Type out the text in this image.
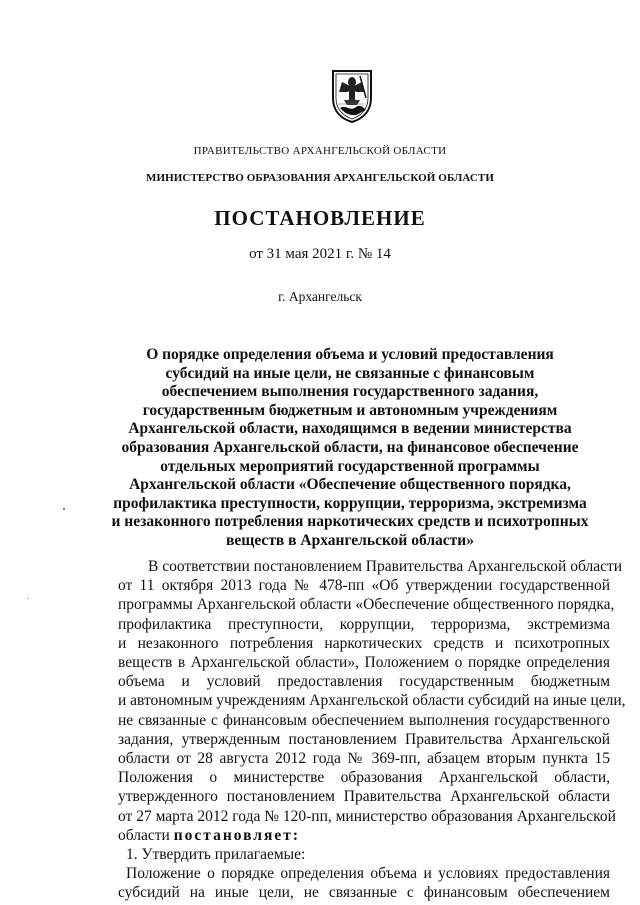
ПРАВИТЕЛЬСТВО АРХАНГЕЛЬСКОЙ ОБЛАСТИ
МИНИСТЕРСТВО ОБРАЗОВАНИЯ АРХАНГЕЛЬСКОЙ ОБЛАСТИ
ПОСТАНОВЛЕНИЕ
от 31 мая 2021 г. № 14
г. Архангельск
О порядке определения объема и условий предоставления
субсидий на иные цели, не связанные с финансовым
обеспечением выполнения государственного задания,
государственным бюджетным и автономным учреждениям
Архангельской области, находящимся в ведении министерства
образования Архангельской области, на финансовое обеспечение
отдельных мероприятий государственной программы
Архангельской области «Обеспечение общественного порядка,
профилактика преступности, коррупции, терроризма, экстремизма
и незаконного потребления наркотических средств и психотропных
веществ в Архангельской области»
В соответствии постановлением Правительства Архангельской области
от 11 октября 2013 года № 478-пп «Об утверждении государственной
программы Архангельской области «Обеспечение общественного порядка,
профилактика преступности, коррупции, терроризма, экстремизма
и незаконного потребления наркотических средств и психотропных
веществ в Архангельской области», Положением о порядке определения
объема и условий предоставления государственным бюджетным
и автономным учреждениям Архангельской области субсидий на иные цели,
не связанные с финансовым обеспечением выполнения государственного
задания, утвержденным постановлением Правительства Архангельской
области от 28 августа 2012 года № 369-пп, абзацем вторым пункта 15
Положения о министерстве образования Архангельской области,
утвержденного постановлением Правительства Архангельской области
от 27 марта 2012 года № 120-пп, министерство образования Архангельской
области постановляет:
1. Утвердить прилагаемые:
Положение о порядке определения объема и условиях предоставления
субсидий на иные цели, не связанные с финансовым обеспечением
